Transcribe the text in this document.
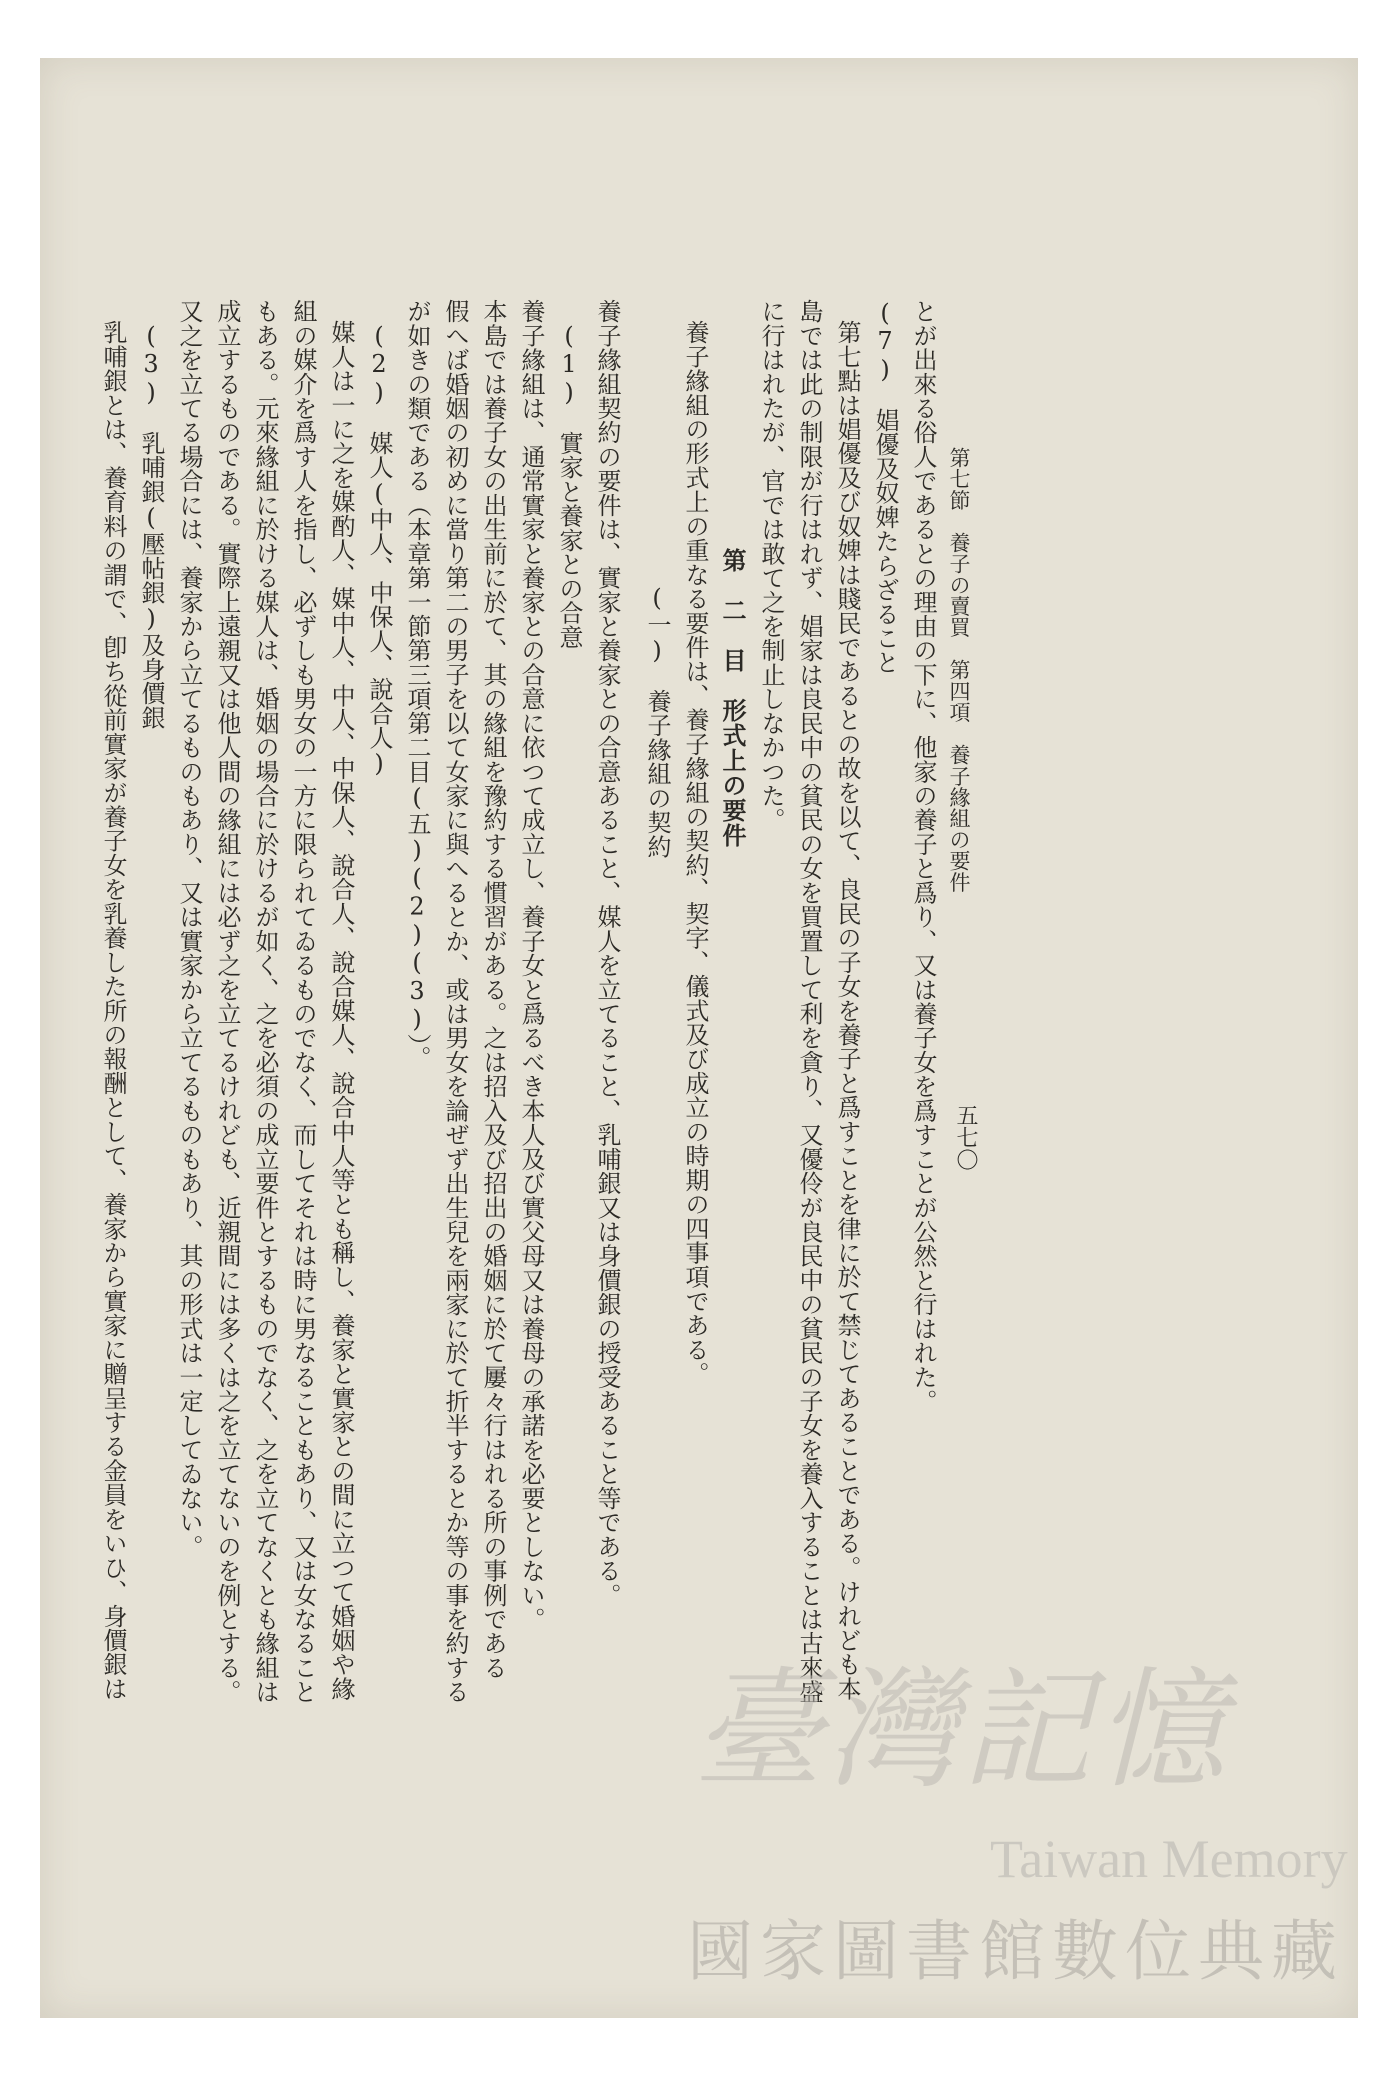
第七節　養子の賣買　第四項　養子緣組の要件
五七〇
とが出來る俗人であるとの理由の下に、他家の養子と爲り、又は養子女を爲すことが公然と行はれた。
(7)　娼優及奴婢たらざること
第七點は娼優及び奴婢は賤民であるとの故を以て、良民の子女を養子と爲すことを律に於て禁じてあることである。けれども本
島では此の制限が行はれず、娼家は良民中の貧民の女を買置して利を貪り、又優伶が良民中の貧民の子女を養入することは古來盛
に行はれたが、官では敢て之を制止しなかつた。
第　二　目　形式上の要件
養子緣組の形式上の重なる要件は、養子緣組の契約、契字、儀式及び成立の時期の四事項である。
(一)　養子緣組の契約
養子緣組契約の要件は、實家と養家との合意あること、媒人を立てること、乳哺銀又は身價銀の授受あること等である。
(1)　實家と養家との合意
養子緣組は、通常實家と養家との合意に依つて成立し、養子女と爲るべき本人及び實父母又は養母の承諾を必要としない。
本島では養子女の出生前に於て、其の緣組を豫約する慣習がある。之は招入及び招出の婚姻に於て屢々行はれる所の事例である
假へば婚姻の初めに當り第二の男子を以て女家に與へるとか、或は男女を論ぜず出生兒を兩家に於て折半するとか等の事を約する
が如きの類である（本章第一節第三項第二目(五)(2)(3)）。
(2)　媒人(中人、中保人、說合人)
媒人は一に之を媒酌人、媒中人、中人、中保人、說合人、說合媒人、說合中人等とも稱し、養家と實家との間に立つて婚姻や緣
組の媒介を爲す人を指し、必ずしも男女の一方に限られてゐるものでなく、而してそれは時に男なることもあり、又は女なること
もある。元來緣組に於ける媒人は、婚姻の場合に於けるが如く、之を必須の成立要件とするものでなく、之を立てなくとも緣組は
成立するものである。實際上遠親又は他人間の緣組には必ず之を立てるけれども、近親間には多くは之を立てないのを例とする。
又之を立てる場合には、養家から立てるものもあり、又は實家から立てるものもあり、其の形式は一定してゐない。
(3)　乳哺銀(壓帖銀)及身價銀
乳哺銀とは、養育料の謂で、卽ち從前實家が養子女を乳養した所の報酬として、養家から實家に贈呈する金員をいひ、身價銀は
臺灣記憶
Taiwan Memory
國家圖書館數位典藏
